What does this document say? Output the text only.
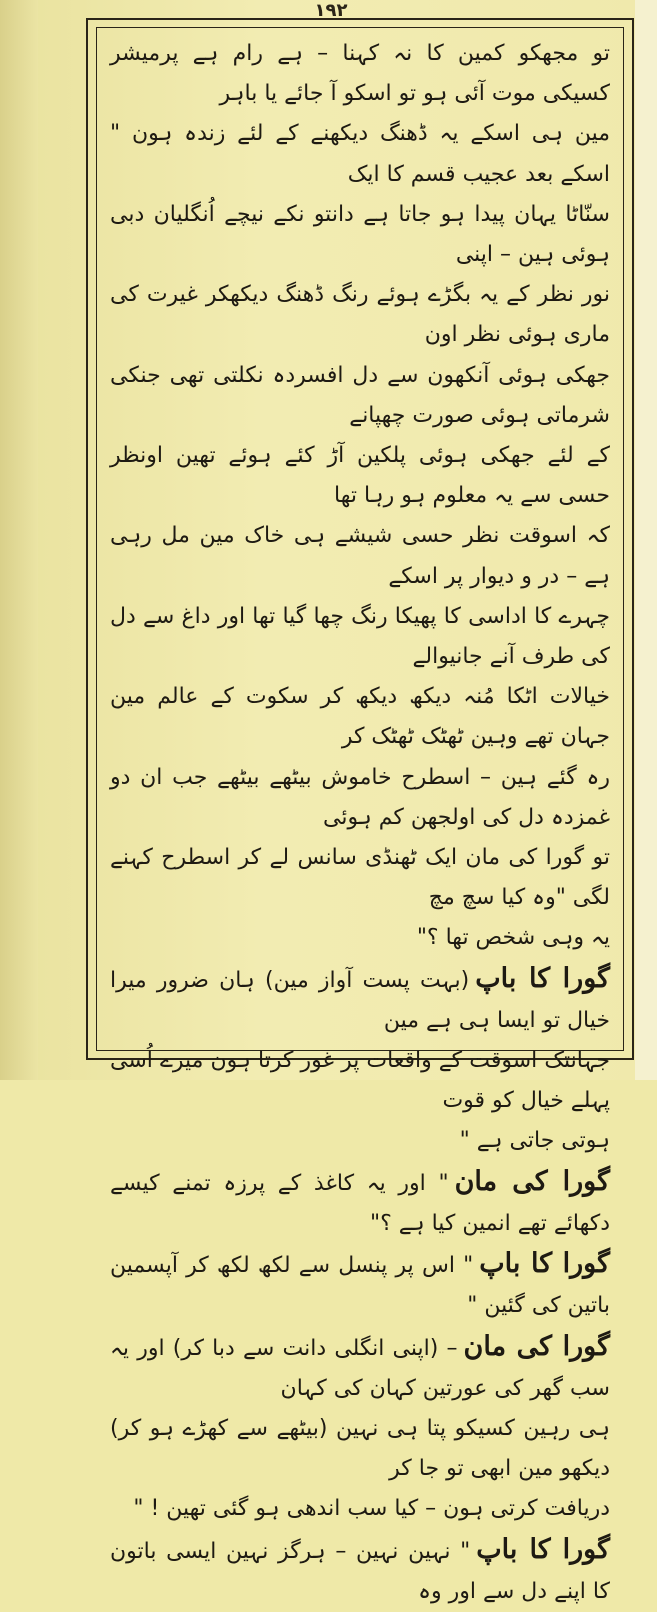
۱۹۲
تو مجھکو کمین کا نہ کہنا – ہے رام ہے پرمیشر کسیکی موت آئی ہو تو اسکو آ جائے یا باہر
مین ہی اسکے یہ ڈھنگ دیکھنے کے لئے زندہ ہون " اسکے بعد عجیب قسم کا ایک
سنّاٹا یہان پیدا ہو جاتا ہے دانتو نکے نیچے اُنگلیان دبی ہوئی ہین – اپنی
نور نظر کے یہ بگڑے ہوئے رنگ ڈھنگ دیکھکر غیرت کی ماری ہوئی نظر اون
جھکی ہوئی آنکھون سے دل افسردہ نکلتی تھی جنکی شرماتی ہوئی صورت چھپانے
کے لئے جھکی ہوئی پلکین آڑ کئے ہوئے تھین اونظر حسی سے یہ معلوم ہو رہا تھا
کہ اسوقت نظر حسی شیشے ہی خاک مین مل رہی ہے – در و دیوار پر اسکے
چہرے کا اداسی کا پھیکا رنگ چھا گیا تھا اور داغ سے دل کی طرف آنے جانیوالے
خیالات اٹکا مُنہ دیکھ دیکھ کر سکوت کے عالم مین جہان تھے وہین ٹھٹک ٹھٹک کر
رہ گئے ہین – اسطرح خاموش بیٹھے بیٹھے جب ان دو غمزدہ دل کی اولجھن کم ہوئی
تو گورا کی مان ایک ٹھنڈی سانس لے کر اسطرح کہنے لگی "وہ کیا سچ مچ
یہ وہی شخص تھا ؟"
گورا کا باپ(بہت پست آواز مین) ہان ضرور میرا خیال تو ایسا ہی ہے مین
جہانتک اسوقت کے واقعات پر غور کرتا ہون میرے اُسی پہلے خیال کو قوت
ہوتی جاتی ہے "
گورا کی مان" اور یہ کاغذ کے پرزہ تمنے کیسے دکھائے تھے انمین کیا ہے ؟"
گورا کا باپ" اس پر پنسل سے لکھ لکھ کر آپسمین باتین کی گئین "
گورا کی مان– (اپنی انگلی دانت سے دبا کر) اور یہ سب گھر کی عورتین کہان کی کہان
ہی رہین کسیکو پتا ہی نہین (بیٹھے سے کھڑے ہو کر) دیکھو مین ابھی تو جا کر
دریافت کرتی ہون – کیا سب اندھی ہو گئی تھین ! "
گورا کا باپ" نہین نہین – ہرگز نہین ایسی باتون کا اپنے دل سے اور وہ
